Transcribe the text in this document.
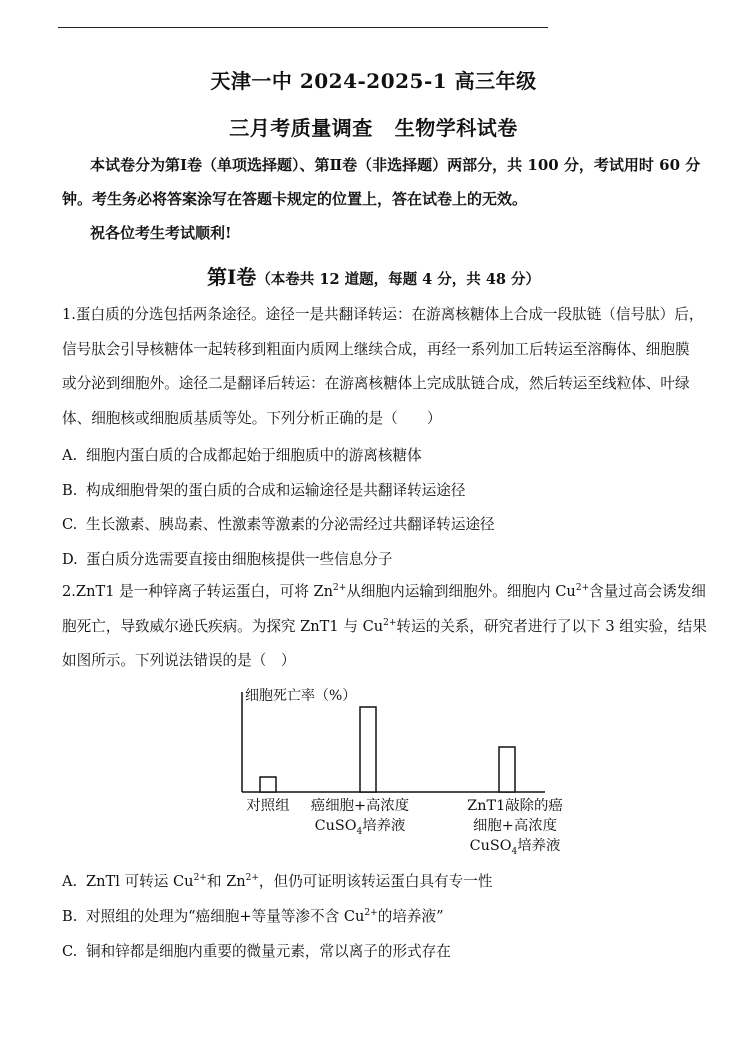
天津一中 2024-2025-1 高三年级
三月考质量调查 生物学科试卷

本试卷分为第Ⅰ卷（单项选择题）、第Ⅱ卷（非选择题）两部分，共 100 分，考试用时 60 分

钟。考生务必将答案涂写在答题卡规定的位置上，答在试卷上的无效。

祝各位考生考试顺利!

第Ⅰ卷（本卷共 12 道题，每题 4 分，共 48 分）

1.蛋白质的分选包括两条途径。途径一是共翻译转运：在游离核糖体上合成一段肽链（信号肽）后，

信号肽会引导核糖体一起转移到粗面内质网上继续合成，再经一系列加工后转运至溶酶体、细胞膜

或分泌到细胞外。途径二是翻译后转运：在游离核糖体上完成肽链合成，然后转运至线粒体、叶绿

体、细胞核或细胞质基质等处。下列分析正确的是（　　）

A. 细胞内蛋白质的合成都起始于细胞质中的游离核糖体
B. 构成细胞骨架的蛋白质的合成和运输途径是共翻译转运途径
C. 生长激素、胰岛素、性激素等激素的分泌需经过共翻译转运途径
D. 蛋白质分选需要直接由细胞核提供一些信息分子

2.ZnT1 是一种锌离子转运蛋白，可将 $Zn^{2+}$从细胞内运输到细胞外。细胞内 $Cu^{2+}$含量过高会诱发细

胞死亡，导致威尔逊氏疾病。为探究 ZnT1 与 $Cu^{2+}$转运的关系，研究者进行了以下 3 组实验，结果

如图所示。下列说法错误的是（　）

细胞死亡率（%）
对照组	癌细胞+高浓度
CuSO$_4$培养液
ZnT1敲除的癌
细胞+高浓度
CuSO$_4$培养液
A. ZnTl 可转运 $Cu^{2+}$和 $Zn^{2+}$，但仍可证明该转运蛋白具有专一性
B. 对照组的处理为“癌细胞+等量等渗不含 $Cu^{2+}$的培养液”
C. 铜和锌都是细胞内重要的微量元素，常以离子的形式存在
